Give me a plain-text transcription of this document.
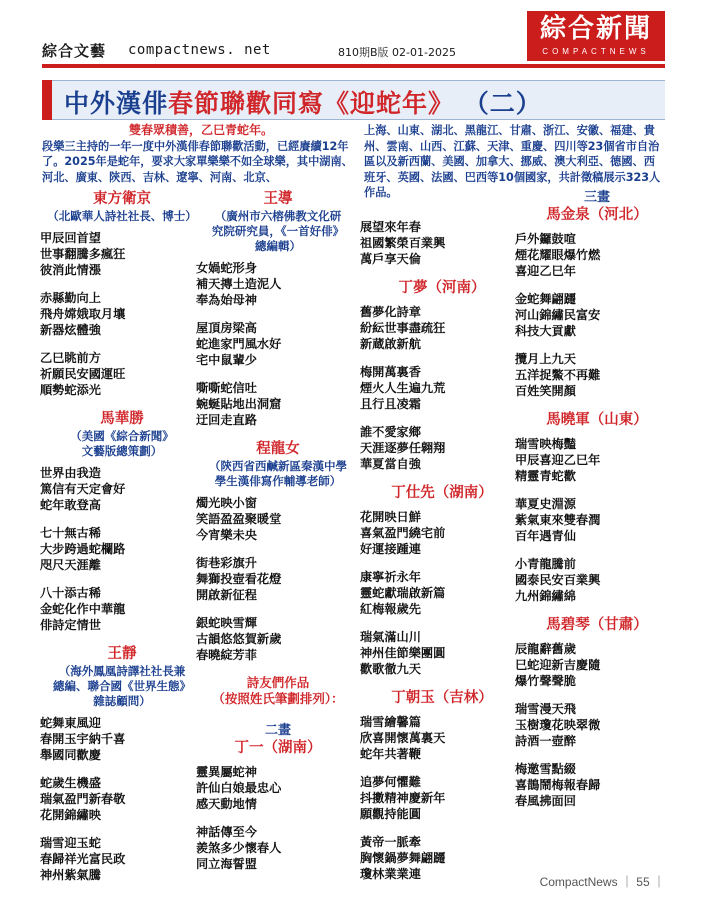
綜合文藝 compactnews. net	810期B版 02-01-2025
綜合新聞
COMPACTNEWS
中外漢俳春節聯歡同寫《迎蛇年》 （二）
雙春眾積善，乙巳青蛇年。
段樂三主持的一年一度中外漢俳春節聯歡活動，已經賡續12年了。2025年是蛇年，要求大家單樂樂不如全球樂，其中湖南、河北、廣東、陝西、吉林、遼寧、河南、北京、
上海、山東、湖北、黑龍江、甘肅、浙江、安徽、福建、貴州、雲南、山西、江蘇、天津、重慶、四川等23個省市自治區以及新西蘭、美國、加拿大、挪威、澳大利亞、德國、西班牙、英國、法國、巴西等10個國家，共計徵稿展示323人作品。
東方衛京
（北歐華人詩社社長、博士）
甲辰回首望
世事翻騰多瘋狂
彼消此情漲
赤縣勤向上
飛舟嫦娥取月壤
新器炫體強
乙巳眺前方
祈願民安國運旺
順勢蛇添光
馬華勝
（美國《綜合新聞》
文藝版總策劃）
世界由我造
篤信有天定會好
蛇年敢登高
七十無古稀
大步跨過蛇欄路
咫尺天涯離
八十添古稀
金蛇化作中華龍
俳詩定情世
王靜
（海外鳳凰詩譯社社長兼
總編、聯合國《世界生態》
雜誌顧問）
蛇舞東風迎
春開玉宇納千喜
舉國同歡慶
蛇歲生機盛
瑞氣盈門新春敬
花開錦繡映
瑞雪迎玉蛇
春歸祥光富民政
神州紫氣騰
王導
（廣州市六榕佛教文化研
究院研究員，《一首好俳》
總編輯）
女媧蛇形身
補天摶土造泥人
奉為始母神
屋頂房梁高
蛇進家門風水好
宅中鼠輩少
嘶嘶蛇信吐
蜿蜒貼地出洞窟
迂回走直路
程龍女
（陝西省西鹹新區秦漢中學
學生漢俳寫作輔導老師）
燭光映小窗
笑語盈盈聚暖堂
今宵樂未央
街巷彩旗升
舞獅投壺看花燈
開啟新征程
銀蛇映雪輝
古韻悠悠賀新歲
春曉綻芳菲
詩友們作品
（按照姓氏筆劃排列）：
二畫
丁一（湖南）
靈異屬蛇神
許仙白娘最忠心
感天動地情
神話傳至今
羨煞多少懷春人
同立海誓盟
展望來年春
祖國繁榮百業興
萬戶享天倫
丁夢（河南）
舊夢化詩章
紛紜世事盡疏狂
新蔵啟新航
梅開萬裏香
煙火人生遍九荒
且行且凌霜
誰不愛家鄉
天涯逐夢任翱翔
華夏當自強
丁仕先（湖南）
花開映日鮮
喜氣盈門繞宅前
好運接踵連
康寧祈永年
靈蛇獻瑞啟新篇
紅梅報歲先
瑞氣滿山川
神州佳節樂團圓
歡歌徹九天
丁朝玉（吉林）
瑞雪繪馨篇
欣喜開懷萬裏天
蛇年共著鞭
追夢何懼難
抖擻精神慶新年
願觀持能圓
黃帝一脈牽
胸懷鍋夢舞翩躚
瓊林業業連
三畫
馬金泉（河北）
戶外鑼鼓喧
煙花耀眼爆竹燃
喜迎乙巳年
金蛇舞翩躚
河山錦繡民富安
科技大貢獻
攬月上九天
五洋捉鱉不再難
百姓笑開顏
馬曉軍（山東）
瑞雪映梅豔
甲辰喜迎乙巳年
精靈青蛇歡
華夏史淵源
紫氣東來雙春潤
百年遇青仙
小青龍騰前
國泰民安百業興
九州錦繡綿
馬碧琴（甘肅）
辰龍辭舊歲
巳蛇迎新吉慶隨
爆竹聲聲脆
瑞雪漫天飛
玉樹瓊花映翠微
詩酒一壺醉
梅邀雪點綴
喜鵲鬧梅報春歸
春風拂面回
CompactNews ｜ 55 ｜
